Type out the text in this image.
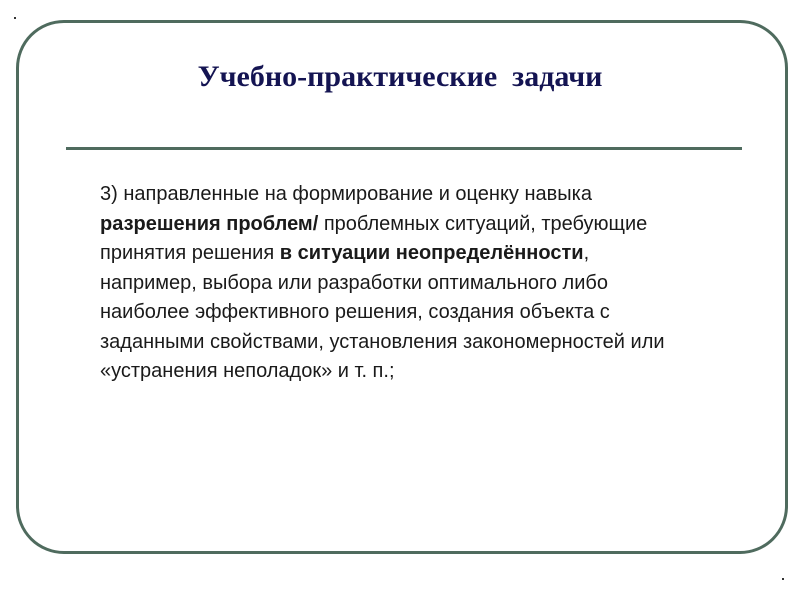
Учебно-практические  задачи
3) направленные на формирование и оценку навыка
разрешения проблем/ проблемных ситуаций, требующие
принятия решения в ситуации неопределённости,
например, выбора или разработки оптимального либо
наиболее эффективного решения, создания объекта с
заданными свойствами, установления закономерностей или
«устранения неполадок» и т. п.;
